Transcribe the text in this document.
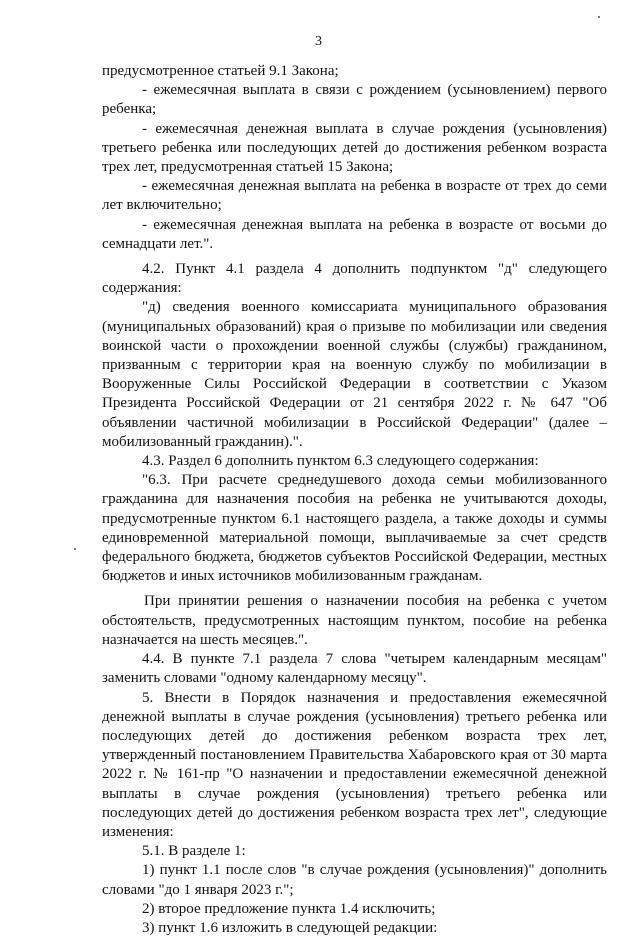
3

предусмотренное статьей 9.1 Закона;

- ежемесячная выплата в связи с рождением (усыновлением) первого ребенка;

- ежемесячная денежная выплата в случае рождения (усыновления) третьего ребенка или последующих детей до достижения ребенком возраста трех лет, предусмотренная статьей 15 Закона;

- ежемесячная денежная выплата на ребенка в возрасте от трех до семи лет включительно;

- ежемесячная денежная выплата на ребенка в возрасте от восьми до семнадцати лет.".

4.2. Пункт 4.1 раздела 4 дополнить подпунктом "д" следующего содержания:

"д) сведения военного комиссариата муниципального образования (муниципальных образований) края о призыве по мобилизации или сведения воинской части о прохождении военной службы (службы) гражданином, призванным с территории края на военную службу по мобилизации в Вооруженные Силы Российской Федерации в соответствии с Указом Президента Российской Федерации от 21 сентября 2022 г. № 647 "Об объявлении частичной мобилизации в Российской Федерации" (далее – мобилизованный гражданин).".

4.3. Раздел 6 дополнить пунктом 6.3 следующего содержания:

"6.3. При расчете среднедушевого дохода семьи мобилизованного гражданина для назначения пособия на ребенка не учитываются доходы, предусмотренные пунктом 6.1 настоящего раздела, а также доходы и суммы единовременной материальной помощи, выплачиваемые за счет средств федерального бюджета, бюджетов субъектов Российской Федерации, местных бюджетов и иных источников мобилизованным гражданам.

При принятии решения о назначении пособия на ребенка с учетом обстоятельств, предусмотренных настоящим пунктом, пособие на ребенка назначается на шесть месяцев.".

4.4. В пункте 7.1 раздела 7 слова "четырем календарным месяцам" заменить словами "одному календарному месяцу".

5. Внести в Порядок назначения и предоставления ежемесячной денежной выплаты в случае рождения (усыновления) третьего ребенка или последующих детей до достижения ребенком возраста трех лет, утвержденный постановлением Правительства Хабаровского края от 30 марта 2022 г. № 161-пр "О назначении и предоставлении ежемесячной денежной выплаты в случае рождения (усыновления) третьего ребенка или последующих детей до достижения ребенком возраста трех лет", следующие изменения:

5.1. В разделе 1:

1) пункт 1.1 после слов "в случае рождения (усыновления)" дополнить словами "до 1 января 2023 г.";

2) второе предложение пункта 1.4 исключить;

3) пункт 1.6 изложить в следующей редакции:
